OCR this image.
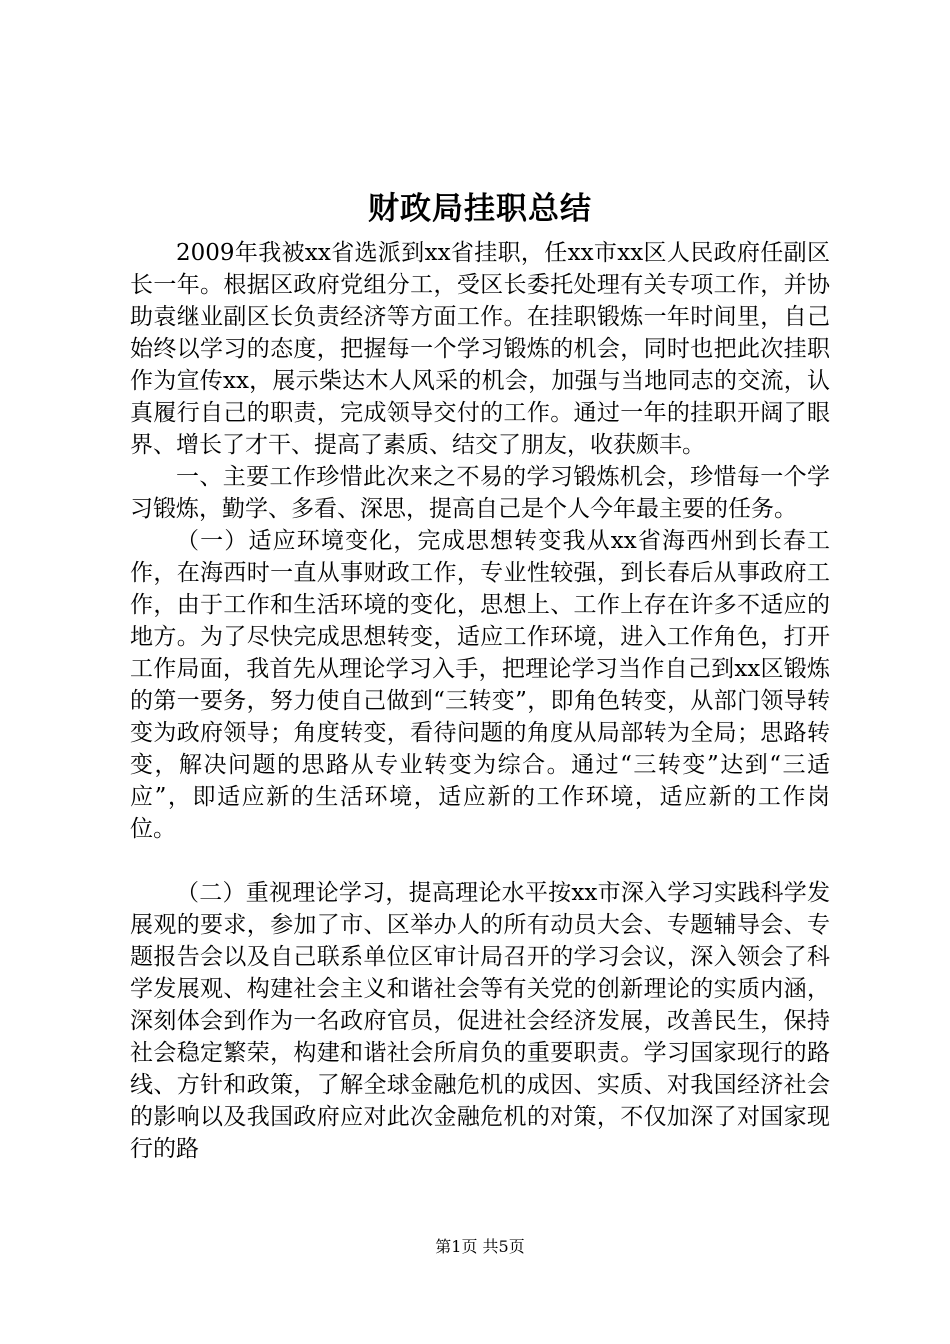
财政局挂职总结

2009年我被xx省选派到xx省挂职，任xx市xx区人民政府任副区长一年。根据区政府党组分工，受区长委托处理有关专项工作，并协助袁继业副区长负责经济等方面工作。在挂职锻炼一年时间里，自己始终以学习的态度，把握每一个学习锻炼的机会，同时也把此次挂职作为宣传xx，展示柴达木人风采的机会，加强与当地同志的交流，认真履行自己的职责，完成领导交付的工作。通过一年的挂职开阔了眼界、增长了才干、提高了素质、结交了朋友，收获颇丰。

一、主要工作珍惜此次来之不易的学习锻炼机会，珍惜每一个学习锻炼，勤学、多看、深思，提高自己是个人今年最主要的任务。

（一）适应环境变化，完成思想转变我从xx省海西州到长春工作，在海西时一直从事财政工作，专业性较强，到长春后从事政府工作，由于工作和生活环境的变化，思想上、工作上存在许多不适应的地方。为了尽快完成思想转变，适应工作环境，进入工作角色，打开工作局面，我首先从理论学习入手，把理论学习当作自己到xx区锻炼的第一要务，努力使自己做到“三转变”，即角色转变，从部门领导转变为政府领导；角度转变，看待问题的角度从局部转为全局；思路转变，解决问题的思路从专业转变为综合。通过“三转变”达到“三适应”，即适应新的生活环境，适应新的工作环境，适应新的工作岗位。

（二）重视理论学习，提高理论水平按xx市深入学习实践科学发展观的要求，参加了市、区举办人的所有动员大会、专题辅导会、专题报告会以及自己联系单位区审计局召开的学习会议，深入领会了科学发展观、构建社会主义和谐社会等有关党的创新理论的实质内涵，深刻体会到作为一名政府官员，促进社会经济发展，改善民生，保持社会稳定繁荣，构建和谐社会所肩负的重要职责。学习国家现行的路线、方针和政策，了解全球金融危机的成因、实质、对我国经济社会的影响以及我国政府应对此次金融危机的对策，不仅加深了对国家现行的路

第1页 共5页
